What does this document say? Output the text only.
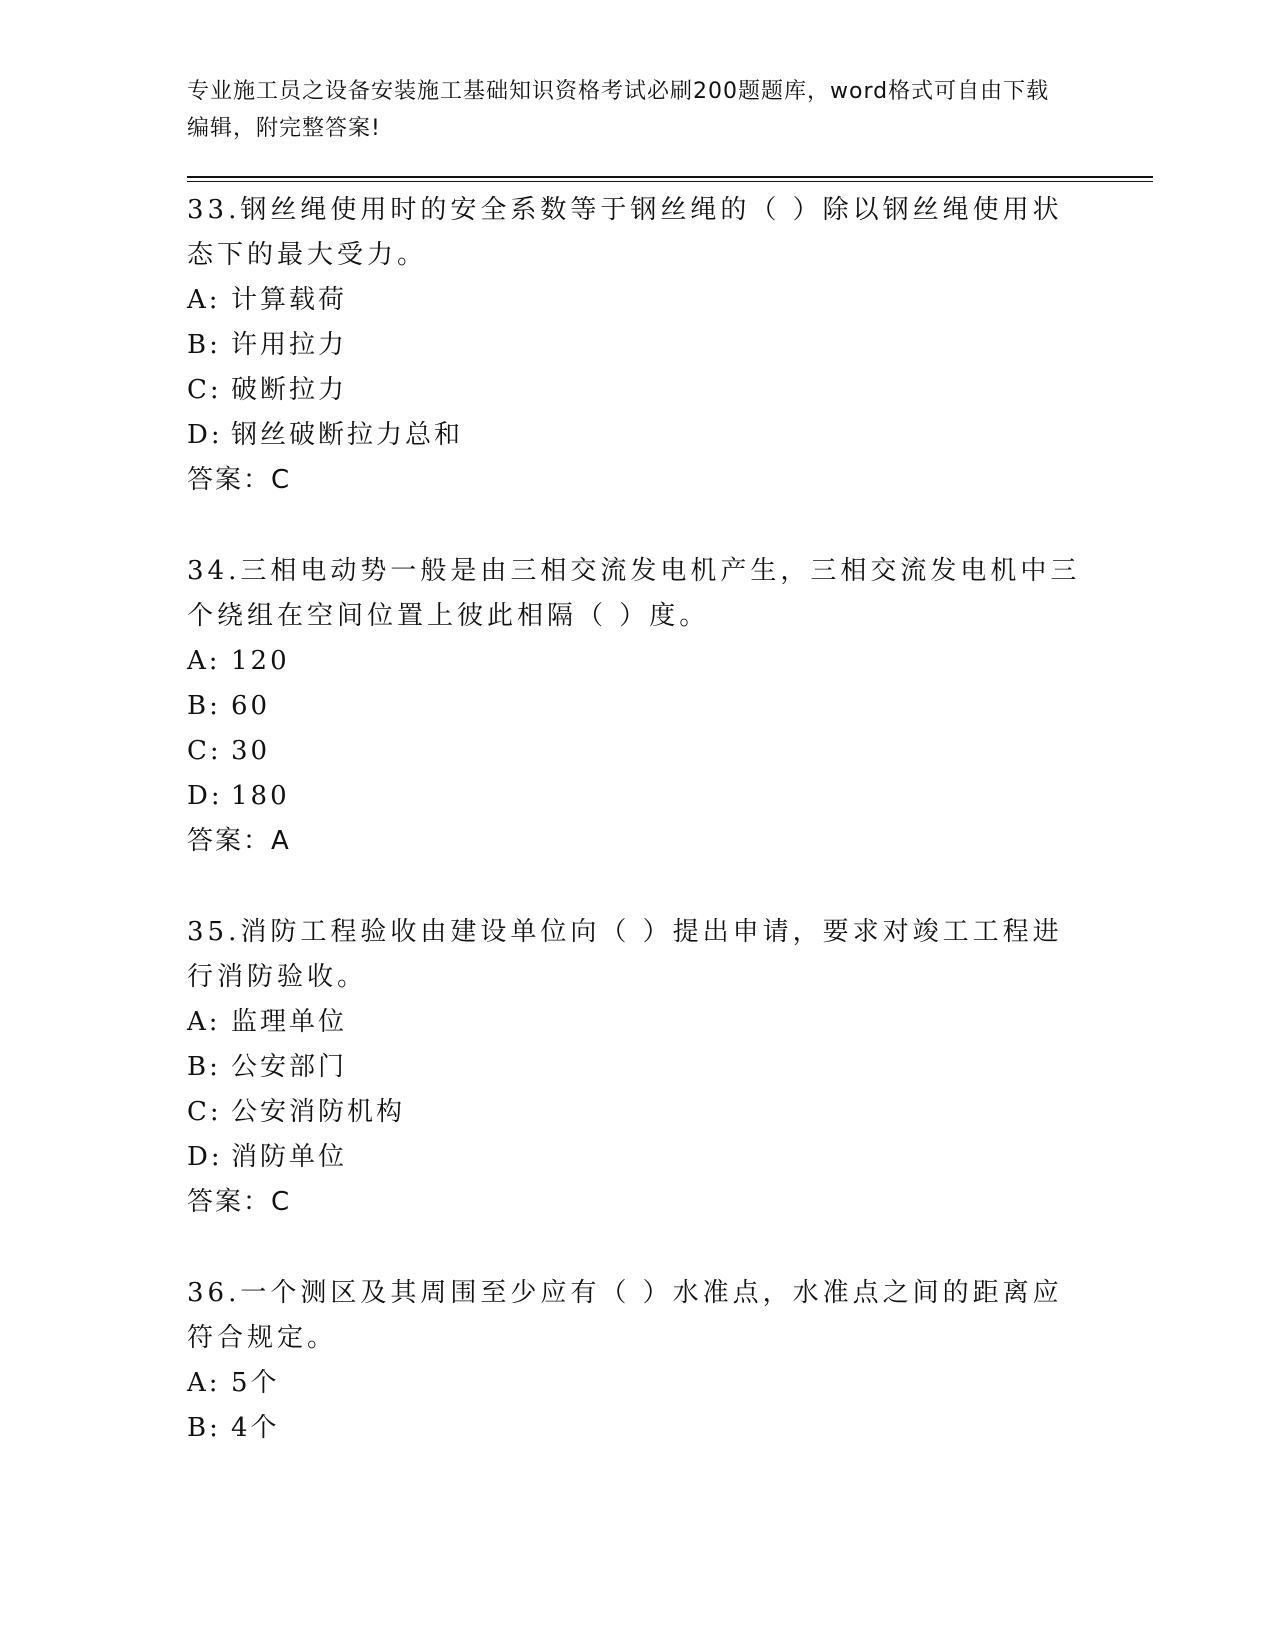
专业施工员之设备安装施工基础知识资格考试必刷200题题库，word格式可自由下载编辑，附完整答案!
33.钢丝绳使用时的安全系数等于钢丝绳的（ ）除以钢丝绳使用状态下的最大受力。
A: 计算载荷
B: 许用拉力
C: 破断拉力
D: 钢丝破断拉力总和
答案：C
34.三相电动势一般是由三相交流发电机产生，三相交流发电机中三个绕组在空间位置上彼此相隔（ ）度。
A: 120
B: 60
C: 30
D: 180
答案：A
35.消防工程验收由建设单位向（ ）提出申请，要求对竣工工程进行消防验收。
A: 监理单位
B: 公安部门
C: 公安消防机构
D: 消防单位
答案：C
36.一个测区及其周围至少应有（ ）水准点，水准点之间的距离应符合规定。
A: 5个
B: 4个
